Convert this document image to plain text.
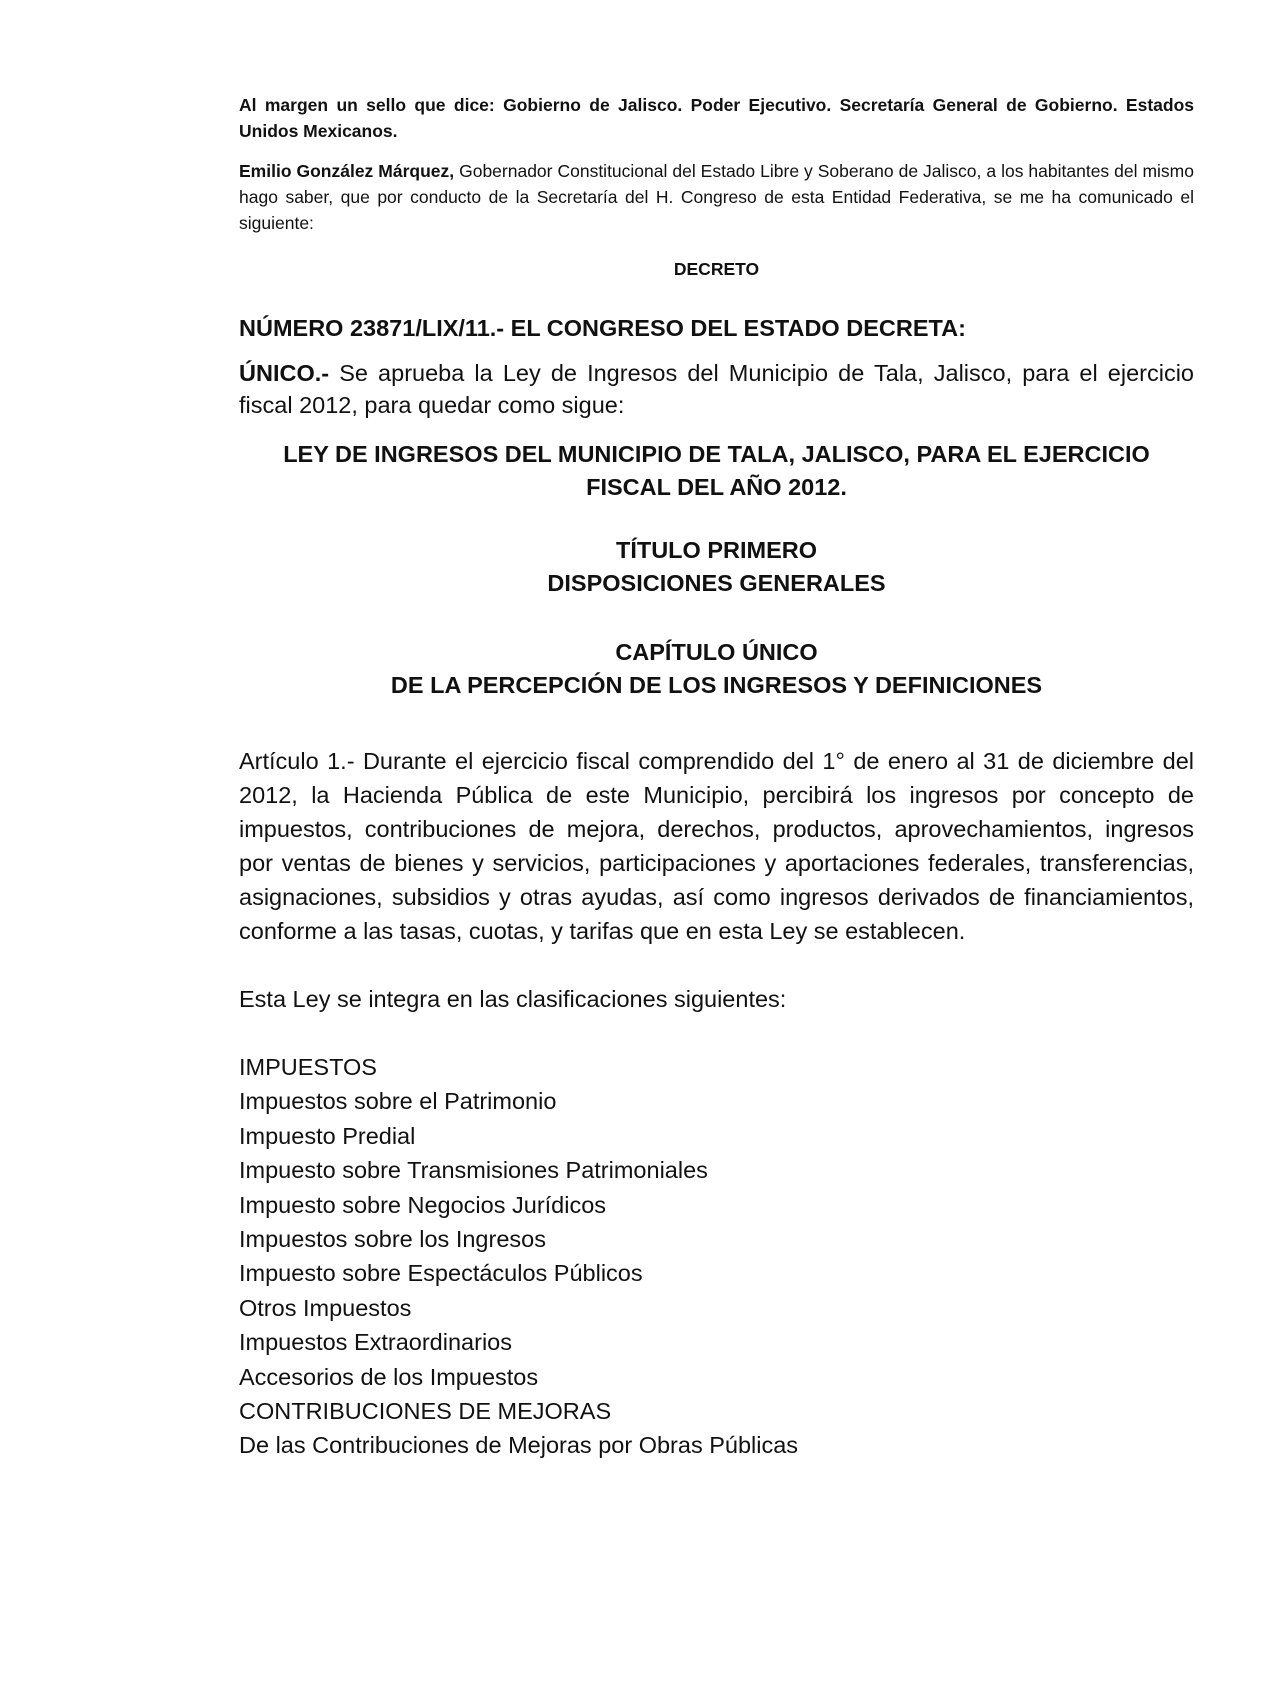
Al margen un sello que dice: Gobierno de Jalisco. Poder Ejecutivo. Secretaría General de Gobierno. Estados Unidos Mexicanos.

Emilio González Márquez, Gobernador Constitucional del Estado Libre y Soberano de Jalisco, a los habitantes del mismo hago saber, que por conducto de la Secretaría del H. Congreso de esta Entidad Federativa, se me ha comunicado el siguiente:

DECRETO

NÚMERO 23871/LIX/11.- EL CONGRESO DEL ESTADO DECRETA:

ÚNICO.- Se aprueba la Ley de Ingresos del Municipio de Tala, Jalisco, para el ejercicio fiscal 2012, para quedar como sigue:

LEY DE INGRESOS DEL MUNICIPIO DE TALA, JALISCO, PARA EL EJERCICIO
FISCAL DEL AÑO 2012.

TÍTULO PRIMERO

DISPOSICIONES GENERALES

CAPÍTULO ÚNICO

DE LA PERCEPCIÓN DE LOS INGRESOS Y DEFINICIONES

Artículo 1.- Durante el ejercicio fiscal comprendido del 1° de enero al 31 de diciembre del 2012, la Hacienda Pública de este Municipio, percibirá los ingresos por concepto de impuestos, contribuciones de mejora, derechos, productos, aprovechamientos, ingresos por ventas de bienes y servicios, participaciones y aportaciones federales, transferencias, asignaciones, subsidios y otras ayudas, así como ingresos derivados de financiamientos, conforme a las tasas, cuotas, y tarifas que en esta Ley se establecen.

Esta Ley se integra en las clasificaciones siguientes:

IMPUESTOS
Impuestos sobre el Patrimonio
Impuesto Predial
Impuesto sobre Transmisiones Patrimoniales
Impuesto sobre Negocios Jurídicos
Impuestos sobre los Ingresos
Impuesto sobre Espectáculos Públicos
Otros Impuestos
Impuestos Extraordinarios
Accesorios de los Impuestos
CONTRIBUCIONES DE MEJORAS
De las Contribuciones de Mejoras por Obras Públicas
